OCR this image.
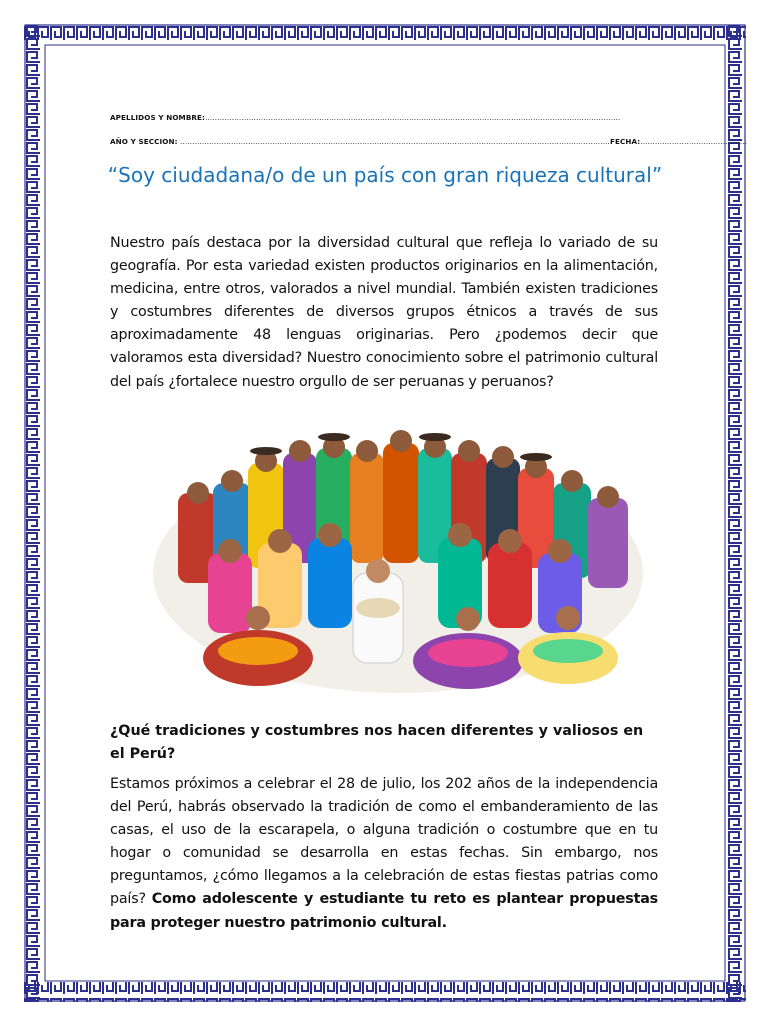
APELLIDOS Y NOMBRE:………………………………………………………………………………………………………………………………………………………
AÑO Y SECCION: ……………………………………………………………………………………………………………………………………………………………FECHA:……………………………………..
“Soy ciudadana/o de un país con gran riqueza cultural”
Nuestro país destaca por la diversidad cultural que refleja lo variado de su geografía. Por esta variedad existen productos originarios en la alimentación, medicina, entre otros, valorados a nivel mundial. También existen tradiciones y costumbres diferentes de diversos grupos étnicos a través de sus aproximadamente 48 lenguas originarias. Pero ¿podemos decir que valoramos esta diversidad? Nuestro conocimiento sobre el patrimonio cultural del país ¿fortalece nuestro orgullo de ser peruanas y peruanos?
¿Qué tradiciones y costumbres nos hacen diferentes y valiosos en el Perú?
Estamos próximos a celebrar el 28 de julio, los 202 años de la independencia del Perú, habrás observado la tradición de como el embanderamiento de las casas, el uso de la escarapela, o alguna tradición o costumbre que en tu hogar o comunidad se desarrolla en estas fechas. Sin embargo, nos preguntamos, ¿cómo llegamos a la celebración de estas fiestas patrias como país? Como adolescente y estudiante tu reto es plantear propuestas para proteger nuestro patrimonio cultural.
